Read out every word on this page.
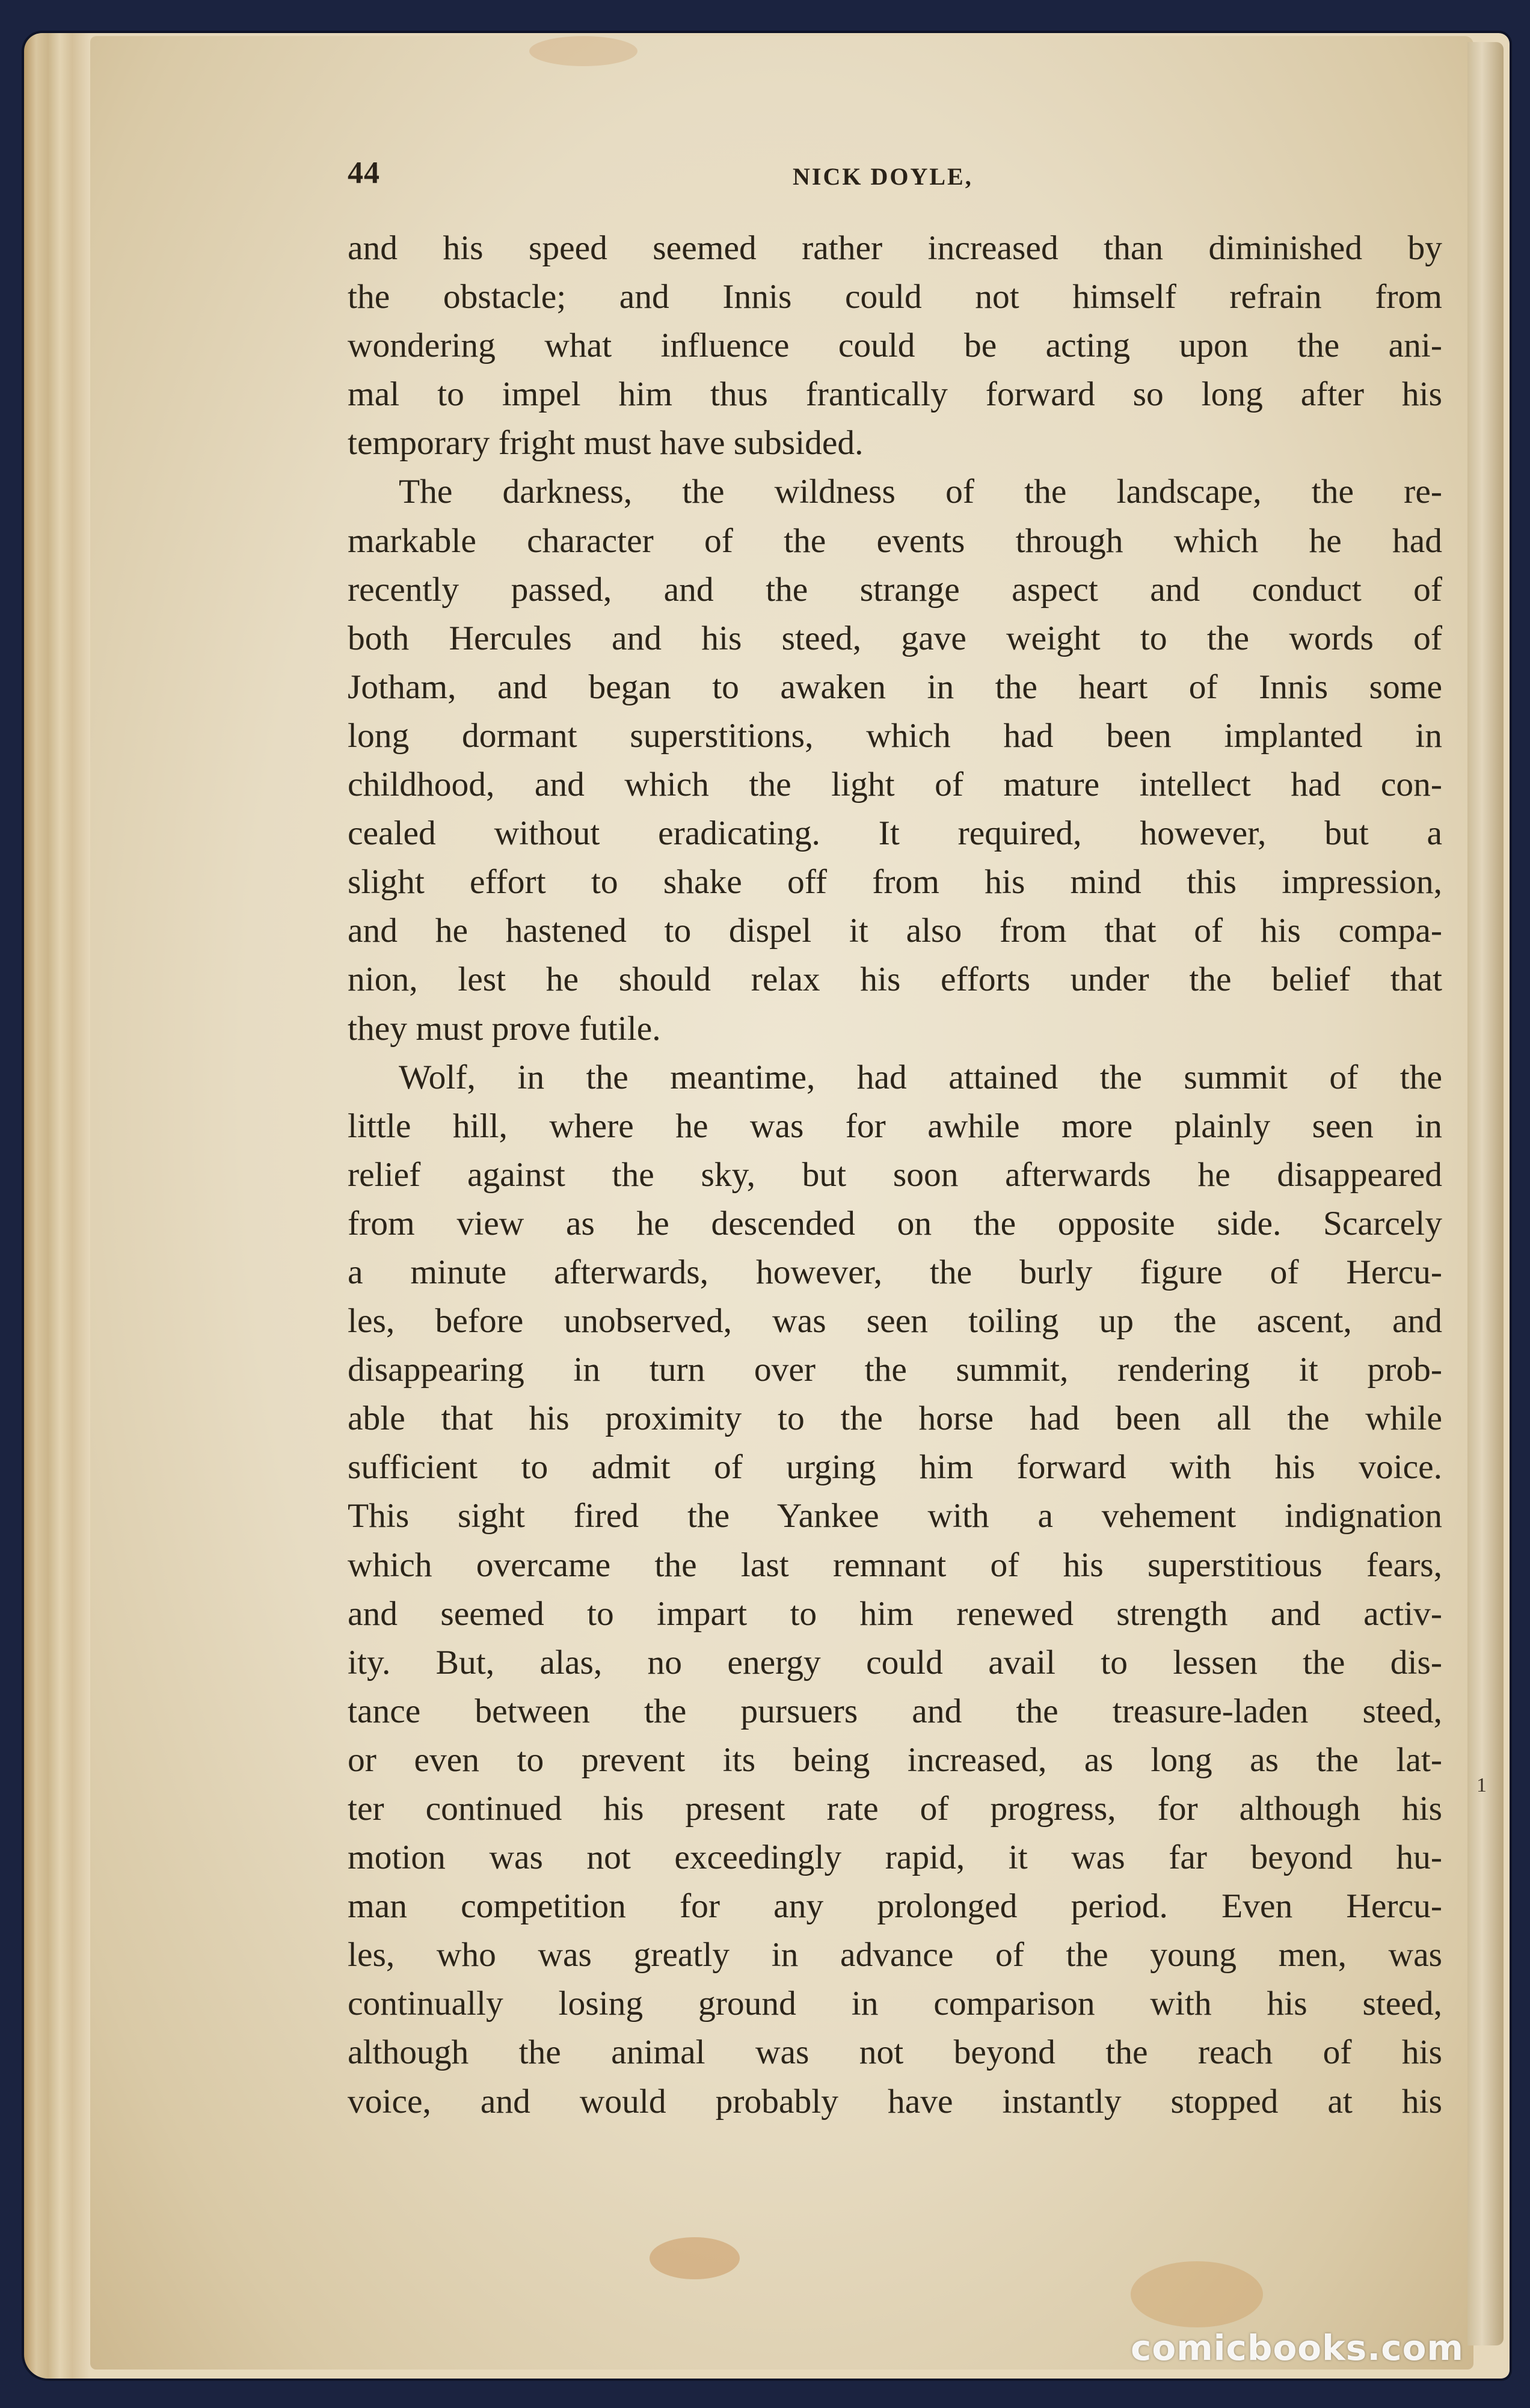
44	NICK DOYLE,
and his speed seemed rather increased than diminished by
the obstacle; and Innis could not himself refrain from
wondering what influence could be acting upon the ani-
mal to impel him thus frantically forward so long after his
temporary fright must have subsided.
The darkness, the wildness of the landscape, the re-
markable character of the events through which he had
recently passed, and the strange aspect and conduct of
both Hercules and his steed, gave weight to the words of
Jotham, and began to awaken in the heart of Innis some
long dormant superstitions, which had been implanted in
childhood, and which the light of mature intellect had con-
cealed without eradicating. It required, however, but a
slight effort to shake off from his mind this impression,
and he hastened to dispel it also from that of his compa-
nion, lest he should relax his efforts under the belief that
they must prove futile.
Wolf, in the meantime, had attained the summit of the
little hill, where he was for awhile more plainly seen in
relief against the sky, but soon afterwards he disappeared
from view as he descended on the opposite side. Scarcely
a minute afterwards, however, the burly figure of Hercu-
les, before unobserved, was seen toiling up the ascent, and
disappearing in turn over the summit, rendering it prob-
able that his proximity to the horse had been all the while
sufficient to admit of urging him forward with his voice.
This sight fired the Yankee with a vehement indignation
which overcame the last remnant of his superstitious fears,
and seemed to impart to him renewed strength and activ-
ity. But, alas, no energy could avail to lessen the dis-
tance between the pursuers and the treasure-laden steed,
or even to prevent its being increased, as long as the lat-
ter continued his present rate of progress, for although his
motion was not exceedingly rapid, it was far beyond hu-
man competition for any prolonged period. Even Hercu-
les, who was greatly in advance of the young men, was
continually losing ground in comparison with his steed,
although the animal was not beyond the reach of his
voice, and would probably have instantly stopped at his
1
comicbooks.com
